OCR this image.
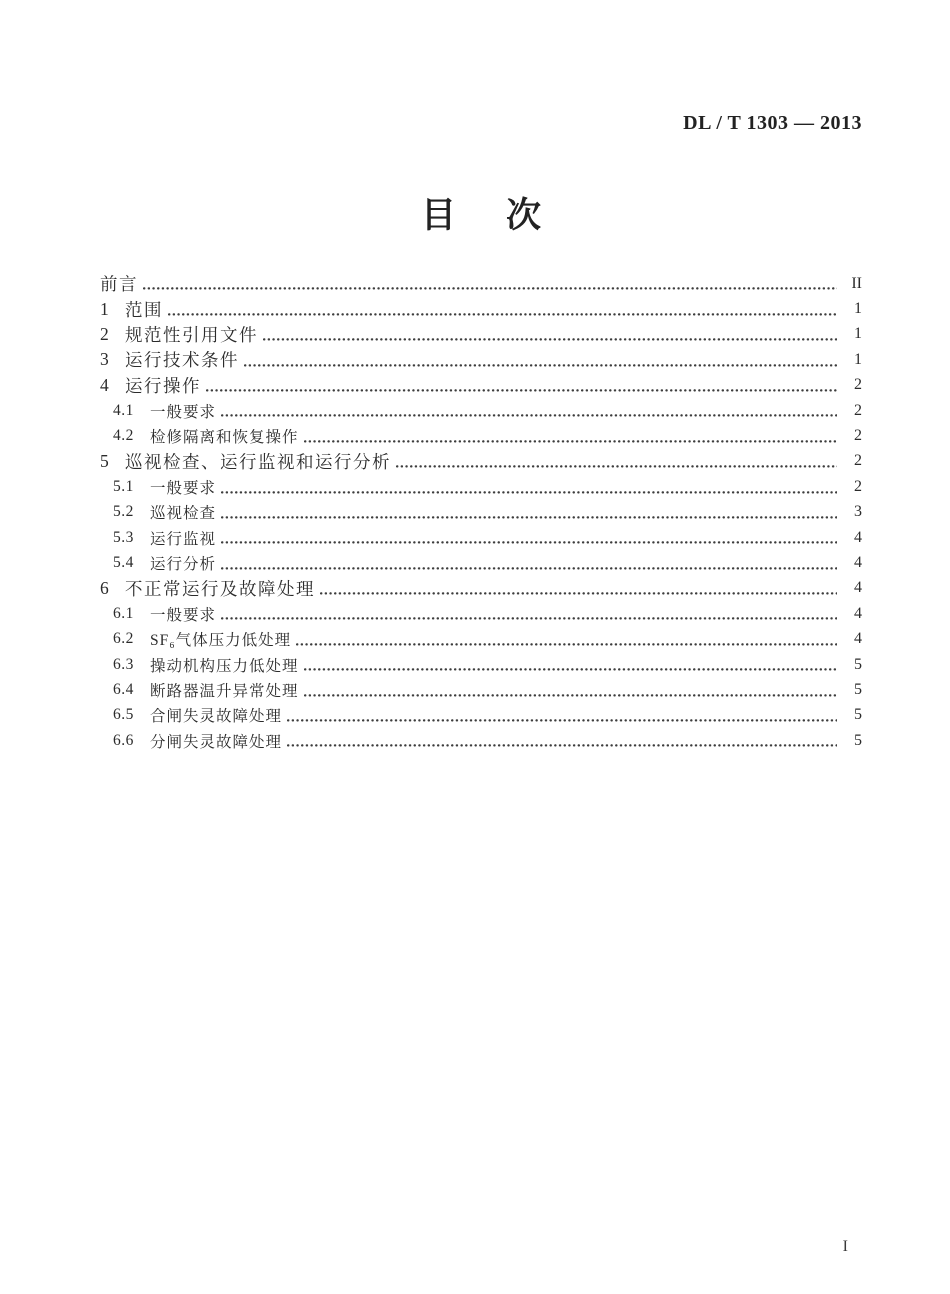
DL / T 1303 — 2013
目 次
前言	II
1 范围	1
2 规范性引用文件	1
3 运行技术条件	1
4 运行操作	2
4.1	一般要求	2
4.2	检修隔离和恢复操作	2
5 巡视检查、运行监视和运行分析	2
5.1	一般要求	2
5.2	巡视检查	3
5.3	运行监视	4
5.4	运行分析	4
6 不正常运行及故障处理	4
6.1	一般要求	4
6.2	SF₆气体压力低处理	4
6.3	操动机构压力低处理	5
6.4	断路器温升异常处理	5
6.5	合闸失灵故障处理	5
6.6	分闸失灵故障处理	5
I
